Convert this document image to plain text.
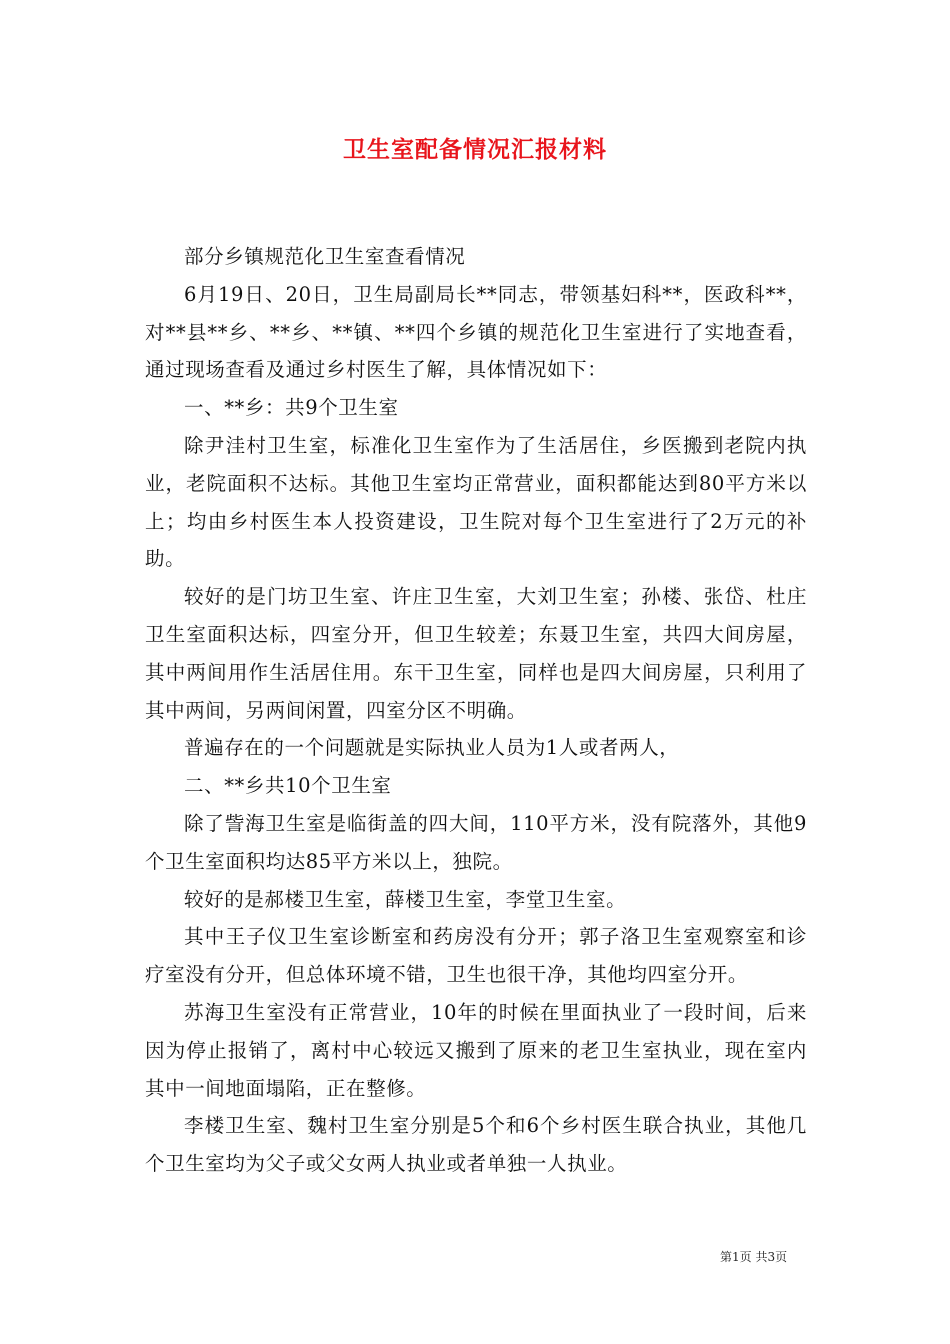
卫生室配备情况汇报材料

部分乡镇规范化卫生室查看情况

6月19日、20日，卫生局副局长**同志，带领基妇科**，医政科**，对**县**乡、**乡、**镇、**四个乡镇的规范化卫生室进行了实地查看，通过现场查看及通过乡村医生了解，具体情况如下：

一、**乡：共9个卫生室

除尹洼村卫生室，标准化卫生室作为了生活居住，乡医搬到老院内执业，老院面积不达标。其他卫生室均正常营业，面积都能达到80平方米以上；均由乡村医生本人投资建设，卫生院对每个卫生室进行了2万元的补助。

较好的是门坊卫生室、许庄卫生室，大刘卫生室；孙楼、张岱、杜庄卫生室面积达标，四室分开，但卫生较差；东聂卫生室，共四大间房屋，其中两间用作生活居住用。东干卫生室，同样也是四大间房屋，只利用了其中两间，另两间闲置，四室分区不明确。

普遍存在的一个问题就是实际执业人员为1人或者两人，

二、**乡共10个卫生室

除了訾海卫生室是临街盖的四大间，110平方米，没有院落外，其他9个卫生室面积均达85平方米以上，独院。

较好的是郝楼卫生室，薛楼卫生室，李堂卫生室。

其中王子仪卫生室诊断室和药房没有分开；郭子洛卫生室观察室和诊疗室没有分开，但总体环境不错，卫生也很干净，其他均四室分开。

苏海卫生室没有正常营业，10年的时候在里面执业了一段时间，后来因为停止报销了，离村中心较远又搬到了原来的老卫生室执业，现在室内其中一间地面塌陷，正在整修。

李楼卫生室、魏村卫生室分别是5个和6个乡村医生联合执业，其他几个卫生室均为父子或父女两人执业或者单独一人执业。

第1页 共3页
